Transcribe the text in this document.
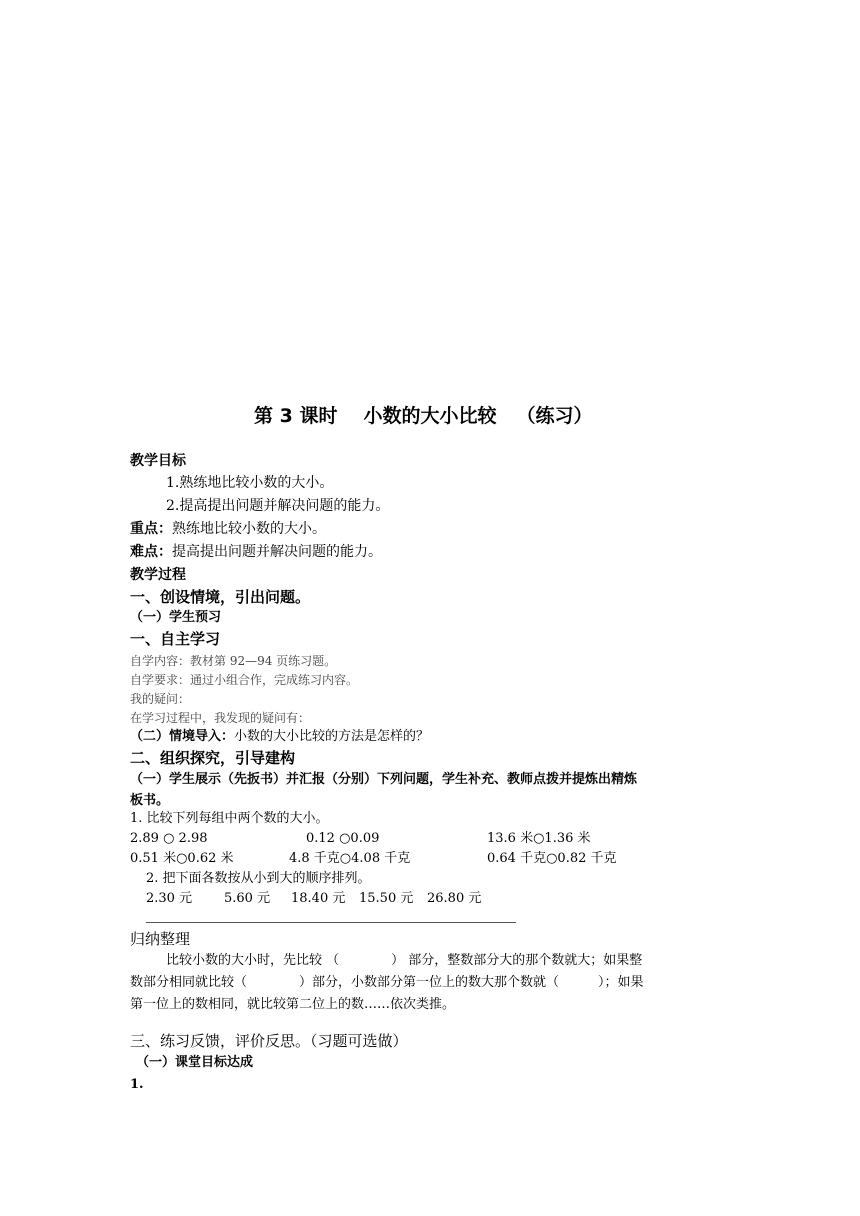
第 3 课时 小数的大小比较 （练习）
教学目标
1.熟练地比较小数的大小。
2.提高提出问题并解决问题的能力。
重点：熟练地比较小数的大小。
难点：提高提出问题并解决问题的能力。
教学过程
一、创设情境，引出问题。
（一）学生预习
一、自主学习
自学内容：教材第 92—94 页练习题。
自学要求：通过小组合作，完成练习内容。
我的疑问：
在学习过程中，我发现的疑问有：
（二）情境导入：小数的大小比较的方法是怎样的？
二、组织探究，引导建构
（一）学生展示（先扳书）并汇报（分别）下列问题，学生补充、教师点拨并提炼出精炼
板书。
1. 比较下列每组中两个数的大小。
2.89 ○ 2.98	0.12 ○0.09	13.6 米○1.36 米
0.51 米○0.62 米	4.8 千克○4.08 千克	0.64 千克○0.82 千克
2. 把下面各数按从小到大的顺序排列。
2.30 元 5.60 元 18.40 元 15.50 元 26.80 元
归纳整理
比较小数的大小时，先比较 （　　　　） 部分，整数部分大的那个数就大；如果整
数部分相同就比较（　　　　）部分，小数部分第一位上的数大那个数就（　　　）；如果
第一位上的数相同，就比较第二位上的数……依次类推。
三、练习反馈，评价反思。（习题可选做）
（一）课堂目标达成
1.
